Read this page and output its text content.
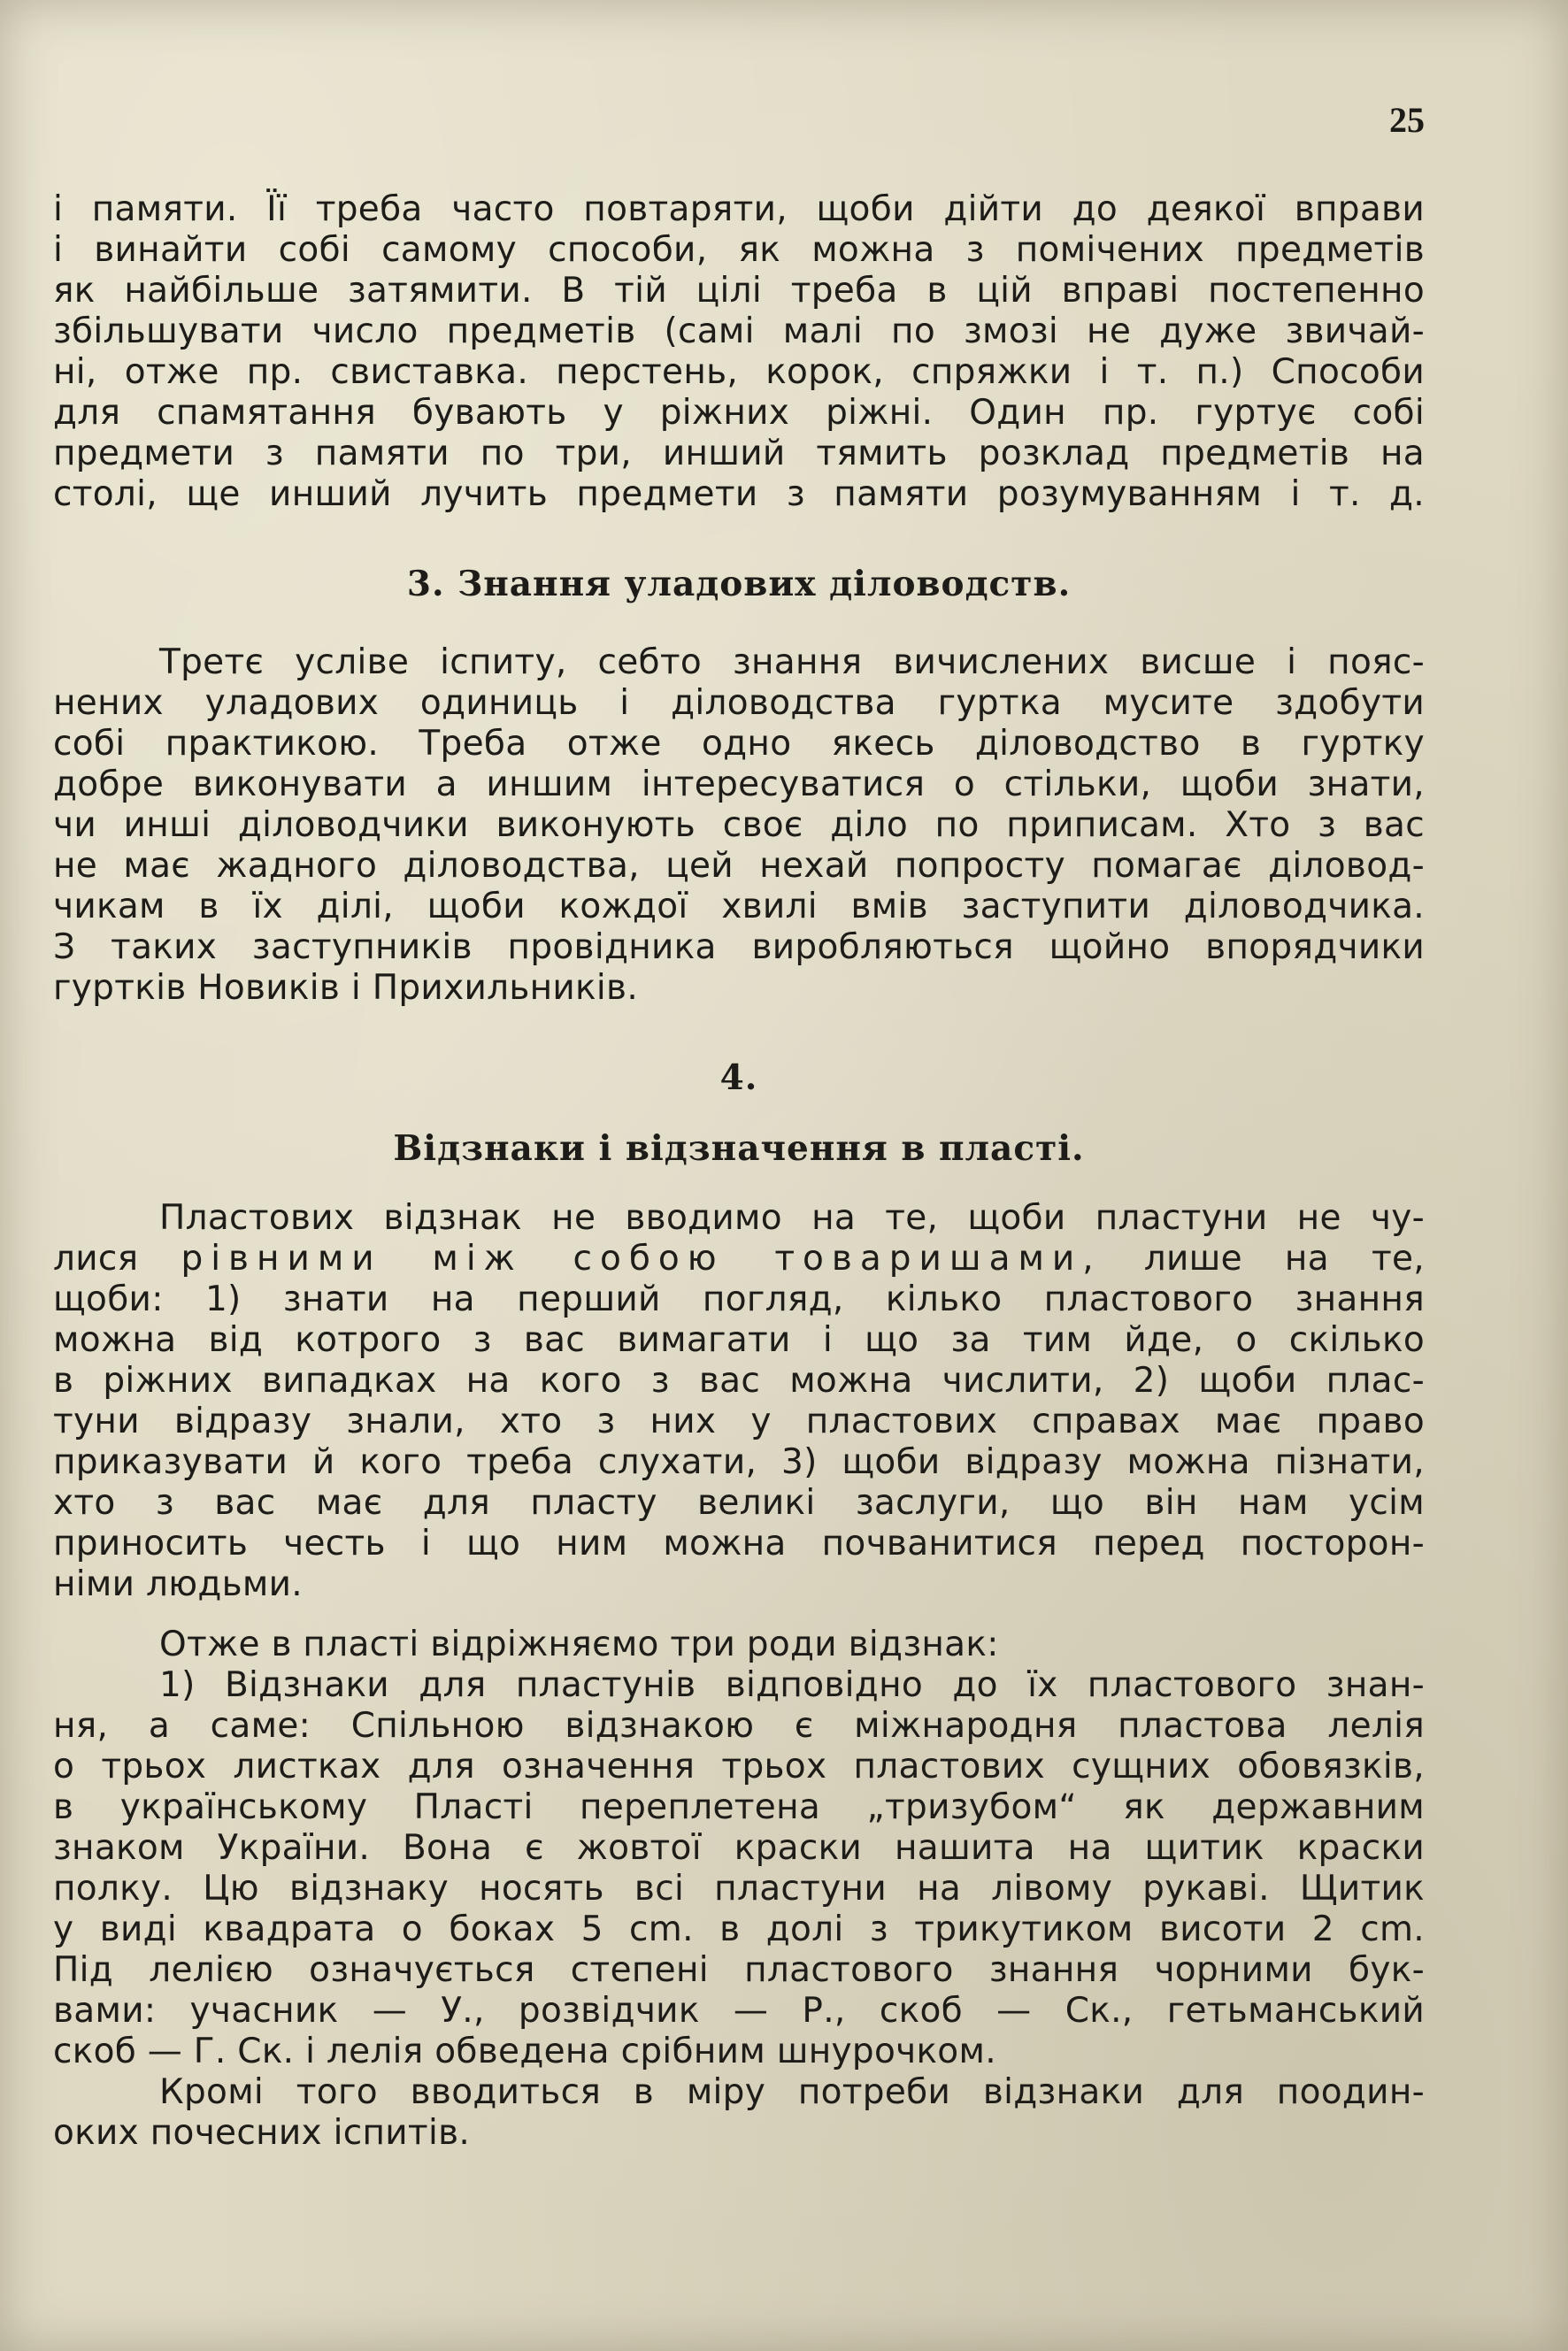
25
і памяти. Її треба часто повтаряти, щоби дійти до деякої вправи
і винайти собі самому способи, як можна з помічених предметів
як найбільше затямити. В тій цілі треба в цій вправі постепенно
збільшувати число предметів (самі малі по змозі не дуже звичай-
ні, отже пр. свиставка. перстень, корок, спряжки і т. п.) Способи
для спамятання бувають у ріжних ріжні. Один пр. гуртує собі
предмети з памяти по три, инший тямить розклад предметів на
столі, ще инший лучить предмети з памяти розумуванням і т. д.
3. Знання уладових діловодств.
Третє усліве іспиту, себто знання вичислених висше і пояс-
нених уладових одиниць і діловодства гуртка мусите здобути
собі практикою. Треба отже одно якесь діловодство в гуртку
добре виконувати а иншим інтересуватися о стільки, щоби знати,
чи инші діловодчики виконують своє діло по приписам. Хто з вас
не має жадного діловодства, цей нехай попросту помагає діловод-
чикам в їх ділі, щоби кождої хвилі вмів заступити діловодчика.
З таких заступників провідника виробляються щойно впорядчики
гуртків Новиків і Прихильників.
4.
Відзнаки і відзначення в пласті.
Пластових відзнак не вводимо на те, щоби пластуни не чу-
лися рівними між собою товаришами, лише на те,
щоби: 1) знати на перший погляд, кілько пластового знання
можна від котрого з вас вимагати і що за тим йде, о скілько
в ріжних випадках на кого з вас можна числити, 2) щоби плас-
туни відразу знали, хто з них у пластових справах має право
приказувати й кого треба слухати, 3) щоби відразу можна пізнати,
хто з вас має для пласту великі заслуги, що він нам усім
приносить честь і що ним можна почванитися перед посторон-
німи людьми.
Отже в пласті відріжняємо три роди відзнак:
1) Відзнаки для пластунів відповідно до їх пластового знан-
ня, а саме: Спільною відзнакою є міжнародня пластова лелія
о трьох листках для означення трьох пластових сущних обовязків,
в українському Пласті переплетена „тризубом“ як державним
знаком України. Вона є жовтої краски нашита на щитик краски
полку. Цю відзнаку носять всі пластуни на лівому рукаві. Щитик
у виді квадрата о боках 5 cm. в долі з трикутиком висоти 2 cm.
Під лелією означується степені пластового знання чорними бук-
вами: учасник — У., розвідчик — Р., скоб — Ск., гетьманський
скоб — Г. Ск. і лелія обведена срібним шнурочком.
Кромі того вводиться в міру потреби відзнаки для поодин-
оких почесних іспитів.
